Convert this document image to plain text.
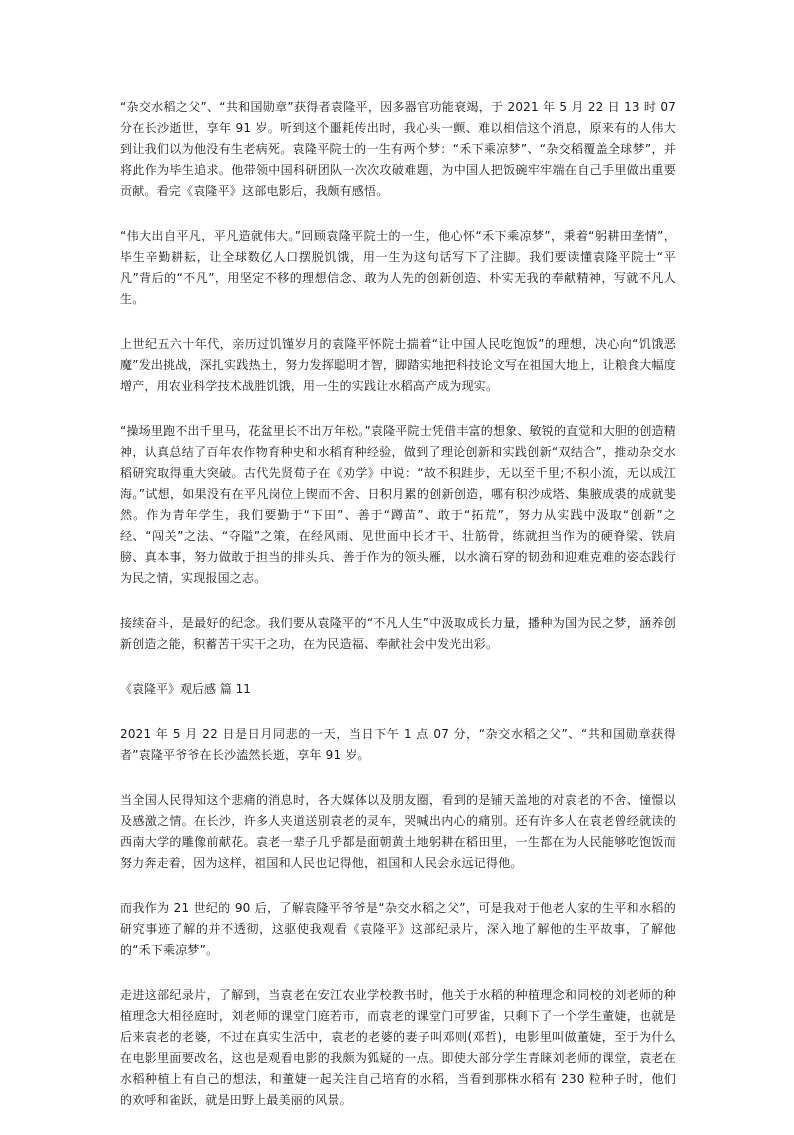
“杂交水稻之父”、“共和国勋章”获得者袁隆平，因多器官功能衰竭，于 2021 年 5 月 22 日 13 时 07 分在长沙逝世，享年 91 岁。听到这个噩耗传出时，我心头一颤、难以相信这个消息，原来有的人伟大到让我们以为他没有生老病死。袁隆平院士的一生有两个梦：“禾下乘凉梦”、“杂交稻覆盖全球梦”，并将此作为毕生追求。他带领中国科研团队一次次攻破难题，为中国人把饭碗牢牢端在自己手里做出重要贡献。看完《袁隆平》这部电影后，我颇有感悟。

“伟大出自平凡，平凡造就伟大。”回顾袁隆平院士的一生，他心怀“禾下乘凉梦”，秉着“躬耕田垄情”，毕生辛勤耕耘，让全球数亿人口摆脱饥饿，用一生为这句话写下了注脚。我们要读懂袁隆平院士“平凡”背后的“不凡”，用坚定不移的理想信念、敢为人先的创新创造、朴实无我的奉献精神，写就不凡人生。

上世纪五六十年代，亲历过饥馑岁月的袁隆平怀院士揣着“让中国人民吃饱饭”的理想，决心向“饥饿恶魔”发出挑战，深扎实践热土，努力发挥聪明才智，脚踏实地把科技论文写在祖国大地上，让粮食大幅度增产，用农业科学技术战胜饥饿，用一生的实践让水稻高产成为现实。

“操场里跑不出千里马，花盆里长不出万年松。”袁隆平院士凭借丰富的想象、敏锐的直觉和大胆的创造精神，认真总结了百年农作物育种史和水稻育种经验，做到了理论创新和实践创新“双结合”，推动杂交水稻研究取得重大突破。古代先贤荀子在《劝学》中说：“故不积跬步，无以至千里;不积小流，无以成江海。”试想，如果没有在平凡岗位上锲而不舍、日积月累的创新创造，哪有积沙成塔、集腋成裘的成就斐然。作为青年学生，我们要勤于“下田”、善于“蹲苗”、敢于“拓荒”，努力从实践中汲取“创新”之经、“闯关”之法、“夺隘”之策，在经风雨、见世面中长才干、壮筋骨，练就担当作为的硬脊梁、铁肩膀、真本事，努力做敢于担当的排头兵、善于作为的领头雁，以水滴石穿的韧劲和迎难克难的姿态践行为民之情，实现报国之志。

接续奋斗，是最好的纪念。我们要从袁隆平的“不凡人生”中汲取成长力量，播种为国为民之梦，涵养创新创造之能，积蓄苦干实干之功，在为民造福、奉献社会中发光出彩。

《袁隆平》观后感 篇 11

2021 年 5 月 22 日是日月同悲的一天，当日下午 1 点 07 分，“杂交水稻之父”、“共和国勋章获得者”袁隆平爷爷在长沙溘然长逝，享年 91 岁。

当全国人民得知这个悲痛的消息时，各大媒体以及朋友圈，看到的是铺天盖地的对袁老的不舍、憧憬以及感激之情。在长沙，许多人夹道送别袁老的灵车，哭喊出内心的痛别。还有许多人在袁老曾经就读的西南大学的雕像前献花。袁老一辈子几乎都是面朝黄土地躬耕在稻田里，一生都在为人民能够吃饱饭而努力奔走着，因为这样，祖国和人民也记得他，祖国和人民会永远记得他。

而我作为 21 世纪的 90 后，了解袁隆平爷爷是“杂交水稻之父”，可是我对于他老人家的生平和水稻的研究事迹了解的并不透彻，这驱使我观看《袁隆平》这部纪录片，深入地了解他的生平故事，了解他的“禾下乘凉梦”。

走进这部纪录片，了解到，当袁老在安江农业学校教书时，他关于水稻的种植理念和同校的刘老师的种植理念大相径庭时，刘老师的课堂门庭若市，而袁老的课堂门可罗雀，只剩下了一个学生董婕，也就是后来袁老的老婆，不过在真实生活中，袁老的老婆的妻子叫邓则(邓哲)，电影里叫做董婕，至于为什么在电影里面要改名，这也是观看电影的我颇为狐疑的一点。即使大部分学生青睐刘老师的课堂，袁老在水稻种植上有自己的想法，和董婕一起关注自己培育的水稻，当看到那株水稻有 230 粒种子时，他们的欢呼和雀跃，就是田野上最美丽的风景。
